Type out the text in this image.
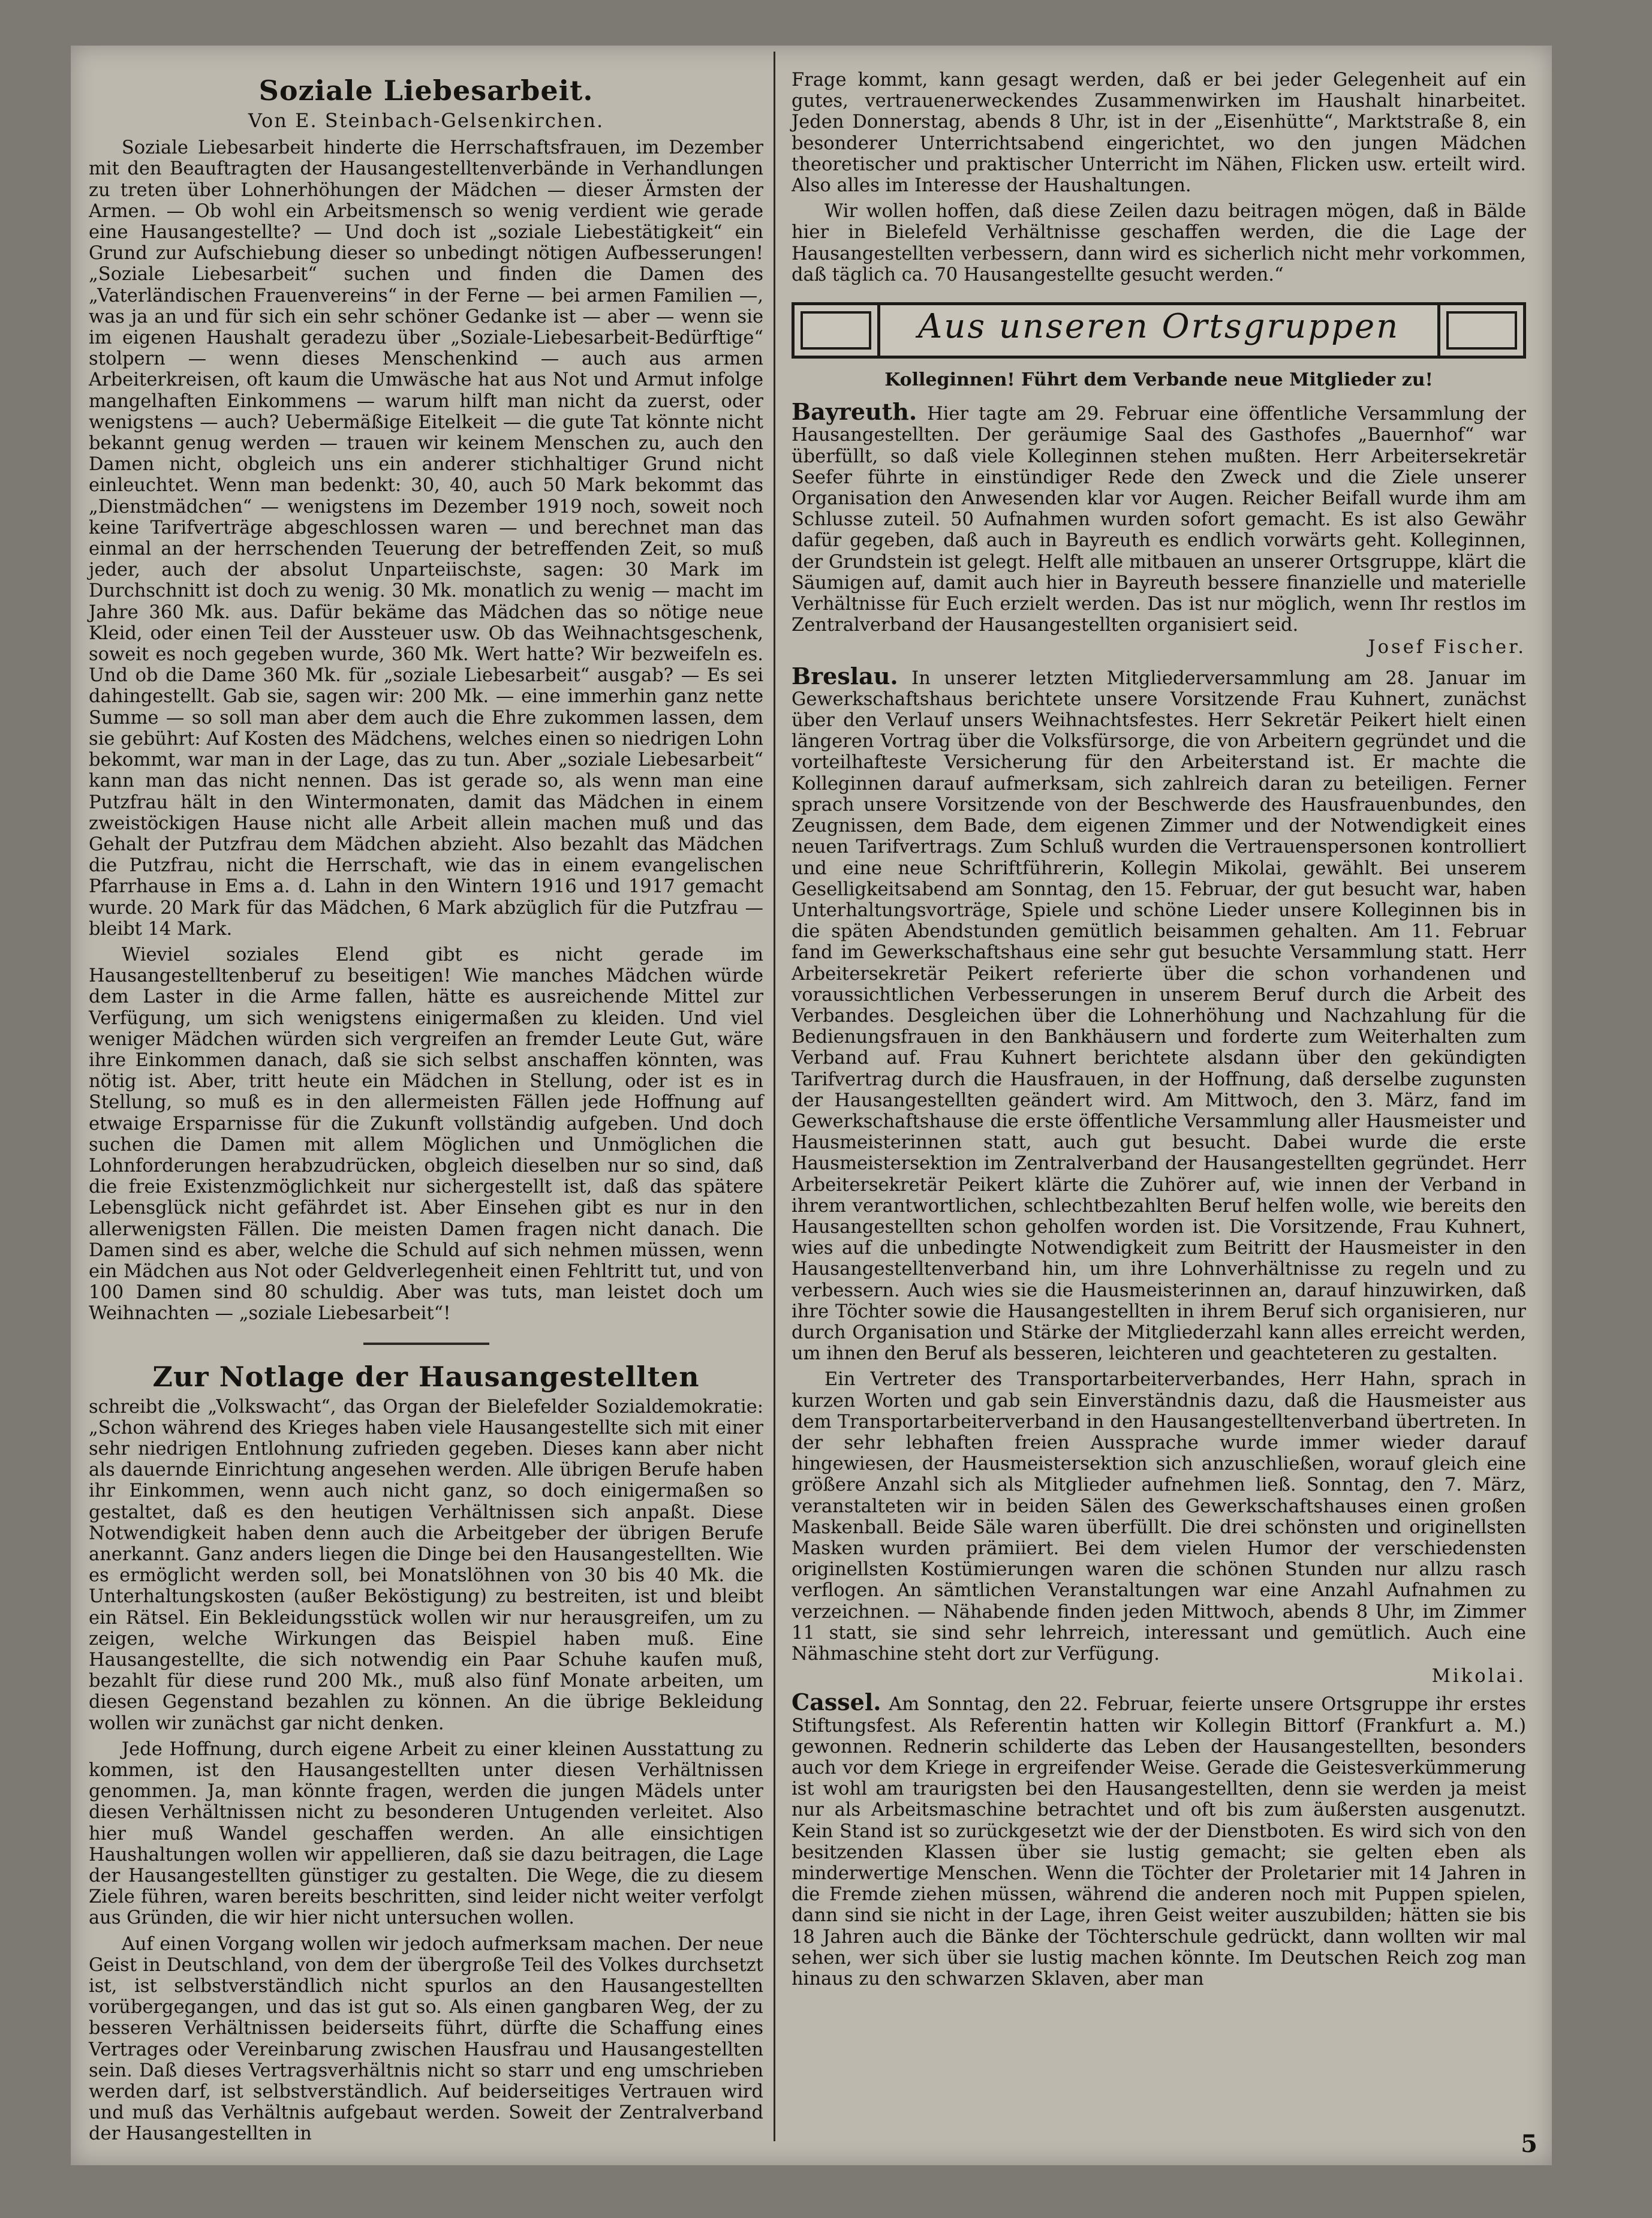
Soziale Liebesarbeit.
Von E. Steinbach-Gelsenkirchen.

Soziale Liebesarbeit hinderte die Herrschaftsfrauen, im Dezember mit den Beauftragten der Hausangestelltenverbände in Verhandlungen zu treten über Lohnerhöhungen der Mädchen — dieser Ärmsten der Armen. — Ob wohl ein Arbeitsmensch so wenig verdient wie gerade eine Hausangestellte? — Und doch ist „soziale Liebestätigkeit“ ein Grund zur Aufschiebung dieser so unbedingt nötigen Aufbesserungen! „Soziale Liebesarbeit“ suchen und finden die Damen des „Vaterländischen Frauenvereins“ in der Ferne — bei armen Familien —, was ja an und für sich ein sehr schöner Gedanke ist — aber — wenn sie im eigenen Haushalt geradezu über „Soziale-Liebesarbeit-Bedürftige“ stolpern — wenn dieses Menschenkind — auch aus armen Arbeiterkreisen, oft kaum die Umwäsche hat aus Not und Armut infolge mangelhaften Einkommens — warum hilft man nicht da zuerst, oder wenigstens — auch? Uebermäßige Eitelkeit — die gute Tat könnte nicht bekannt genug werden — trauen wir keinem Menschen zu, auch den Damen nicht, obgleich uns ein anderer stichhaltiger Grund nicht einleuchtet. Wenn man bedenkt: 30, 40, auch 50 Mark bekommt das „Dienstmädchen“ — wenigstens im Dezember 1919 noch, soweit noch keine Tarifverträge abgeschlossen waren — und berechnet man das einmal an der herrschenden Teuerung der betreffenden Zeit, so muß jeder, auch der absolut Unparteiischste, sagen: 30 Mark im Durchschnitt ist doch zu wenig. 30 Mk. monatlich zu wenig — macht im Jahre 360 Mk. aus. Dafür bekäme das Mädchen das so nötige neue Kleid, oder einen Teil der Aussteuer usw. Ob das Weihnachtsgeschenk, soweit es noch gegeben wurde, 360 Mk. Wert hatte? Wir bezweifeln es. Und ob die Dame 360 Mk. für „soziale Liebesarbeit“ ausgab? — Es sei dahingestellt. Gab sie, sagen wir: 200 Mk. — eine immerhin ganz nette Summe — so soll man aber dem auch die Ehre zukommen lassen, dem sie gebührt: Auf Kosten des Mädchens, welches einen so niedrigen Lohn bekommt, war man in der Lage, das zu tun. Aber „soziale Liebesarbeit“ kann man das nicht nennen. Das ist gerade so, als wenn man eine Putzfrau hält in den Wintermonaten, damit das Mädchen in einem zweistöckigen Hause nicht alle Arbeit allein machen muß und das Gehalt der Putzfrau dem Mädchen abzieht. Also bezahlt das Mädchen die Putzfrau, nicht die Herrschaft, wie das in einem evangelischen Pfarrhause in Ems a. d. Lahn in den Wintern 1916 und 1917 gemacht wurde. 20 Mark für das Mädchen, 6 Mark abzüglich für die Putzfrau — bleibt 14 Mark.

Wieviel soziales Elend gibt es nicht gerade im Hausangestelltenberuf zu beseitigen! Wie manches Mädchen würde dem Laster in die Arme fallen, hätte es ausreichende Mittel zur Verfügung, um sich wenigstens einigermaßen zu kleiden. Und viel weniger Mädchen würden sich vergreifen an fremder Leute Gut, wäre ihre Einkommen danach, daß sie sich selbst anschaffen könnten, was nötig ist. Aber, tritt heute ein Mädchen in Stellung, oder ist es in Stellung, so muß es in den allermeisten Fällen jede Hoffnung auf etwaige Ersparnisse für die Zukunft vollständig aufgeben. Und doch suchen die Damen mit allem Möglichen und Unmöglichen die Lohnforderungen herabzudrücken, obgleich dieselben nur so sind, daß die freie Existenzmöglichkeit nur sichergestellt ist, daß das spätere Lebensglück nicht gefährdet ist. Aber Einsehen gibt es nur in den allerwenigsten Fällen. Die meisten Damen fragen nicht danach. Die Damen sind es aber, welche die Schuld auf sich nehmen müssen, wenn ein Mädchen aus Not oder Geldverlegenheit einen Fehltritt tut, und von 100 Damen sind 80 schuldig. Aber was tuts, man leistet doch um Weihnachten — „soziale Liebesarbeit“!

Zur Notlage der Hausangestellten

schreibt die „Volkswacht“, das Organ der Bielefelder Sozialdemokratie: „Schon während des Krieges haben viele Hausangestellte sich mit einer sehr niedrigen Entlohnung zufrieden gegeben. Dieses kann aber nicht als dauernde Einrichtung angesehen werden. Alle übrigen Berufe haben ihr Einkommen, wenn auch nicht ganz, so doch einigermaßen so gestaltet, daß es den heutigen Verhältnissen sich anpaßt. Diese Notwendigkeit haben denn auch die Arbeitgeber der übrigen Berufe anerkannt. Ganz anders liegen die Dinge bei den Hausangestellten. Wie es ermöglicht werden soll, bei Monatslöhnen von 30 bis 40 Mk. die Unterhaltungskosten (außer Beköstigung) zu bestreiten, ist und bleibt ein Rätsel. Ein Bekleidungsstück wollen wir nur herausgreifen, um zu zeigen, welche Wirkungen das Beispiel haben muß. Eine Hausangestellte, die sich notwendig ein Paar Schuhe kaufen muß, bezahlt für diese rund 200 Mk., muß also fünf Monate arbeiten, um diesen Gegenstand bezahlen zu können. An die übrige Bekleidung wollen wir zunächst gar nicht denken.

Jede Hoffnung, durch eigene Arbeit zu einer kleinen Ausstattung zu kommen, ist den Hausangestellten unter diesen Verhältnissen genommen. Ja, man könnte fragen, werden die jungen Mädels unter diesen Verhältnissen nicht zu besonderen Untugenden verleitet. Also hier muß Wandel geschaffen werden. An alle einsichtigen Haushaltungen wollen wir appellieren, daß sie dazu beitragen, die Lage der Hausangestellten günstiger zu gestalten. Die Wege, die zu diesem Ziele führen, waren bereits beschritten, sind leider nicht weiter verfolgt aus Gründen, die wir hier nicht untersuchen wollen.

Auf einen Vorgang wollen wir jedoch aufmerksam machen. Der neue Geist in Deutschland, von dem der übergroße Teil des Volkes durchsetzt ist, ist selbstverständlich nicht spurlos an den Hausangestellten vorübergegangen, und das ist gut so. Als einen gangbaren Weg, der zu besseren Verhältnissen beiderseits führt, dürfte die Schaffung eines Vertrages oder Vereinbarung zwischen Hausfrau und Hausangestellten sein. Daß dieses Vertragsverhältnis nicht so starr und eng umschrieben werden darf, ist selbstverständlich. Auf beiderseitiges Vertrauen wird und muß das Verhältnis aufgebaut werden. Soweit der Zentralverband der Hausangestellten in

Frage kommt, kann gesagt werden, daß er bei jeder Gelegenheit auf ein gutes, vertrauenerweckendes Zusammenwirken im Haushalt hinarbeitet. Jeden Donnerstag, abends 8 Uhr, ist in der „Eisenhütte“, Marktstraße 8, ein besonderer Unterrichtsabend eingerichtet, wo den jungen Mädchen theoretischer und praktischer Unterricht im Nähen, Flicken usw. erteilt wird. Also alles im Interesse der Haushaltungen.

Wir wollen hoffen, daß diese Zeilen dazu beitragen mögen, daß in Bälde hier in Bielefeld Verhältnisse geschaffen werden, die die Lage der Hausangestellten verbessern, dann wird es sicherlich nicht mehr vorkommen, daß täglich ca. 70 Hausangestellte gesucht werden.“

Aus unseren Ortsgruppen
Kolleginnen! Führt dem Verbande neue Mitglieder zu!

Bayreuth. Hier tagte am 29. Februar eine öffentliche Versammlung der Hausangestellten. Der geräumige Saal des Gasthofes „Bauernhof“ war überfüllt, so daß viele Kolleginnen stehen mußten. Herr Arbeitersekretär Seefer führte in einstündiger Rede den Zweck und die Ziele unserer Organisation den Anwesenden klar vor Augen. Reicher Beifall wurde ihm am Schlusse zuteil. 50 Aufnahmen wurden sofort gemacht. Es ist also Gewähr dafür gegeben, daß auch in Bayreuth es endlich vorwärts geht. Kolleginnen, der Grundstein ist gelegt. Helft alle mitbauen an unserer Ortsgruppe, klärt die Säumigen auf, damit auch hier in Bayreuth bessere finanzielle und materielle Verhältnisse für Euch erzielt werden. Das ist nur möglich, wenn Ihr restlos im Zentralverband der Hausangestellten organisiert seid.

Josef Fischer.

Breslau. In unserer letzten Mitgliederversammlung am 28. Januar im Gewerkschaftshaus berichtete unsere Vorsitzende Frau Kuhnert, zunächst über den Verlauf unsers Weihnachtsfestes. Herr Sekretär Peikert hielt einen längeren Vortrag über die Volksfürsorge, die von Arbeitern gegründet und die vorteilhafteste Versicherung für den Arbeiterstand ist. Er machte die Kolleginnen darauf aufmerksam, sich zahlreich daran zu beteiligen. Ferner sprach unsere Vorsitzende von der Beschwerde des Hausfrauenbundes, den Zeugnissen, dem Bade, dem eigenen Zimmer und der Notwendigkeit eines neuen Tarifvertrags. Zum Schluß wurden die Vertrauenspersonen kontrolliert und eine neue Schriftführerin, Kollegin Mikolai, gewählt. Bei unserem Geselligkeitsabend am Sonntag, den 15. Februar, der gut besucht war, haben Unterhaltungsvorträge, Spiele und schöne Lieder unsere Kolleginnen bis in die späten Abendstunden gemütlich beisammen gehalten. Am 11. Februar fand im Gewerkschaftshaus eine sehr gut besuchte Versammlung statt. Herr Arbeitersekretär Peikert referierte über die schon vorhandenen und voraussichtlichen Verbesserungen in unserem Beruf durch die Arbeit des Verbandes. Desgleichen über die Lohnerhöhung und Nachzahlung für die Bedienungsfrauen in den Bankhäusern und forderte zum Weiterhalten zum Verband auf. Frau Kuhnert berichtete alsdann über den gekündigten Tarifvertrag durch die Hausfrauen, in der Hoffnung, daß derselbe zugunsten der Hausangestellten geändert wird. Am Mittwoch, den 3. März, fand im Gewerkschaftshause die erste öffentliche Versammlung aller Hausmeister und Hausmeisterinnen statt, auch gut besucht. Dabei wurde die erste Hausmeistersektion im Zentralverband der Hausangestellten gegründet. Herr Arbeitersekretär Peikert klärte die Zuhörer auf, wie innen der Verband in ihrem verantwortlichen, schlechtbezahlten Beruf helfen wolle, wie bereits den Hausangestellten schon geholfen worden ist. Die Vorsitzende, Frau Kuhnert, wies auf die unbedingte Notwendigkeit zum Beitritt der Hausmeister in den Hausangestelltenverband hin, um ihre Lohnverhältnisse zu regeln und zu verbessern. Auch wies sie die Hausmeisterinnen an, darauf hinzuwirken, daß ihre Töchter sowie die Hausangestellten in ihrem Beruf sich organisieren, nur durch Organisation und Stärke der Mitgliederzahl kann alles erreicht werden, um ihnen den Beruf als besseren, leichteren und geachteteren zu gestalten.

Ein Vertreter des Transportarbeiterverbandes, Herr Hahn, sprach in kurzen Worten und gab sein Einverständnis dazu, daß die Hausmeister aus dem Transportarbeiterverband in den Hausangestelltenverband übertreten. In der sehr lebhaften freien Aussprache wurde immer wieder darauf hingewiesen, der Hausmeistersektion sich anzuschließen, worauf gleich eine größere Anzahl sich als Mitglieder aufnehmen ließ. Sonntag, den 7. März, veranstalteten wir in beiden Sälen des Gewerkschaftshauses einen großen Maskenball. Beide Säle waren überfüllt. Die drei schönsten und originellsten Masken wurden prämiiert. Bei dem vielen Humor der verschiedensten originellsten Kostümierungen waren die schönen Stunden nur allzu rasch verflogen. An sämtlichen Veranstaltungen war eine Anzahl Aufnahmen zu verzeichnen. — Nähabende finden jeden Mittwoch, abends 8 Uhr, im Zimmer 11 statt, sie sind sehr lehrreich, interessant und gemütlich. Auch eine Nähmaschine steht dort zur Verfügung.

Mikolai.

Cassel. Am Sonntag, den 22. Februar, feierte unsere Ortsgruppe ihr erstes Stiftungsfest. Als Referentin hatten wir Kollegin Bittorf (Frankfurt a. M.) gewonnen. Rednerin schilderte das Leben der Hausangestellten, besonders auch vor dem Kriege in ergreifender Weise. Gerade die Geistesverkümmerung ist wohl am traurigsten bei den Hausangestellten, denn sie werden ja meist nur als Arbeitsmaschine betrachtet und oft bis zum äußersten ausgenutzt. Kein Stand ist so zurückgesetzt wie der der Dienstboten. Es wird sich von den besitzenden Klassen über sie lustig gemacht; sie gelten eben als minderwertige Menschen. Wenn die Töchter der Proletarier mit 14 Jahren in die Fremde ziehen müssen, während die anderen noch mit Puppen spielen, dann sind sie nicht in der Lage, ihren Geist weiter auszubilden; hätten sie bis 18 Jahren auch die Bänke der Töchterschule gedrückt, dann wollten wir mal sehen, wer sich über sie lustig machen könnte. Im Deutschen Reich zog man hinaus zu den schwarzen Sklaven, aber man

5
